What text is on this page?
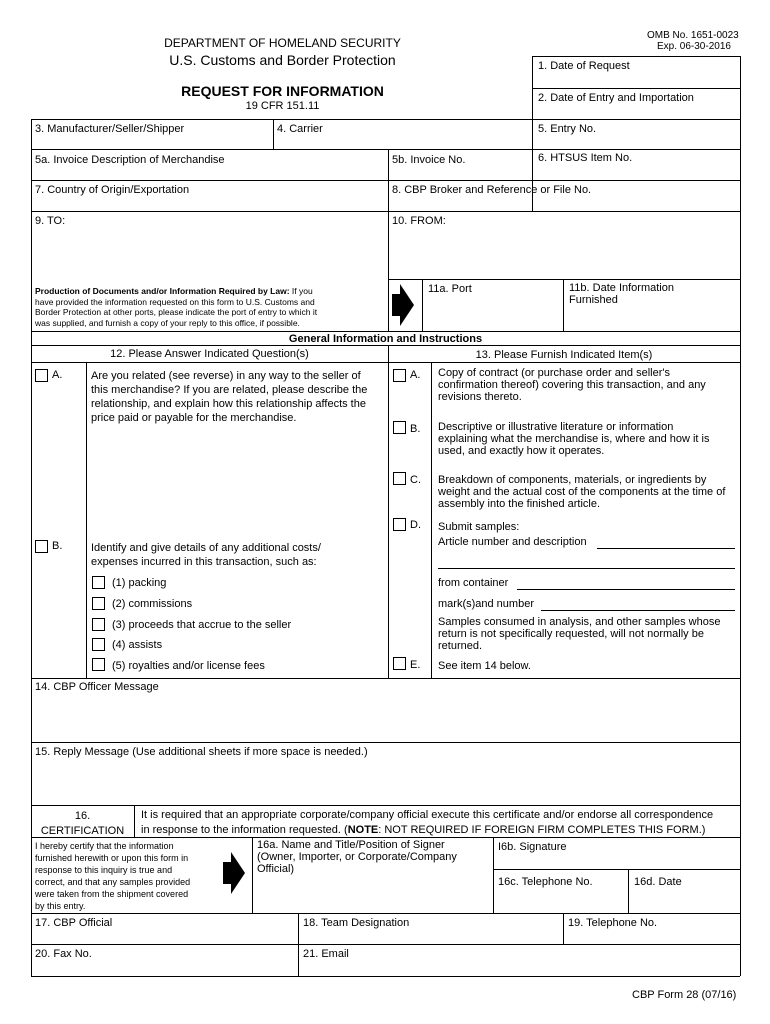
OMB No. 1651-0023
Exp. 06-30-2016
DEPARTMENT OF HOMELAND SECURITY
U.S. Customs and Border Protection
REQUEST FOR INFORMATION
19 CFR 151.11
1. Date of Request
2. Date of Entry and Importation
3. Manufacturer/Seller/Shipper	4. Carrier	5. Entry No.
5a. Invoice Description of Merchandise	5b. Invoice No.	6. HTSUS Item No.
7. Country of Origin/Exportation	8. CBP Broker and Reference or File No.
9. TO:	10. FROM:
11a. Port	11b. Date Information
Furnished
Production of Documents and/or Information Required by Law: If you
have provided the information requested on this form to U.S. Customs and
Border Protection at other ports, please indicate the port of entry to which it
was supplied, and furnish a copy of your reply to this office, if possible.
General Information and Instructions
12. Please Answer Indicated Question(s)	13. Please Furnish Indicated Item(s)
A.	Are you related (see reverse) in any way to the seller of
this merchandise? If you are related, please describe the
relationship, and explain how this relationship affects the
price paid or payable for the merchandise.
B.	Identify and give details of any additional costs/
expenses incurred in this transaction, such as:
(1) packing
(2) commissions
(3) proceeds that accrue to the seller
(4) assists
(5) royalties and/or license fees
A. Copy of contract (or purchase order and seller's
confirmation thereof) covering this transaction, and any
revisions thereto.
B. Descriptive or illustrative literature or information
explaining what the merchandise is, where and how it is
used, and exactly how it operates.
C. Breakdown of components, materials, or ingredients by
weight and the actual cost of the components at the time of
assembly into the finished article.
D. Submit samples:
Article number and description
from container
mark(s)and number
Samples consumed in analysis, and other samples whose
return is not specifically requested, will not normally be
returned.
E. See item 14 below.
14. CBP Officer Message
15. Reply Message (Use additional sheets if more space is needed.)
16.
CERTIFICATION
It is required that an appropriate corporate/company official execute this certificate and/or endorse all correspondence
in response to the information requested. (NOTE: NOT REQUIRED IF FOREIGN FIRM COMPLETES THIS FORM.)
I hereby certify that the information
furnished herewith or upon this form in
response to this inquiry is true and
correct, and that any samples provided
were taken from the shipment covered
by this entry.
16a. Name and Title/Position of Signer
(Owner, Importer, or Corporate/Company
Official)
I6b. Signature
16c. Telephone No.	16d. Date
17. CBP Official	18. Team Designation	19. Telephone No.
20. Fax No.	21. Email
CBP Form 28 (07/16)
